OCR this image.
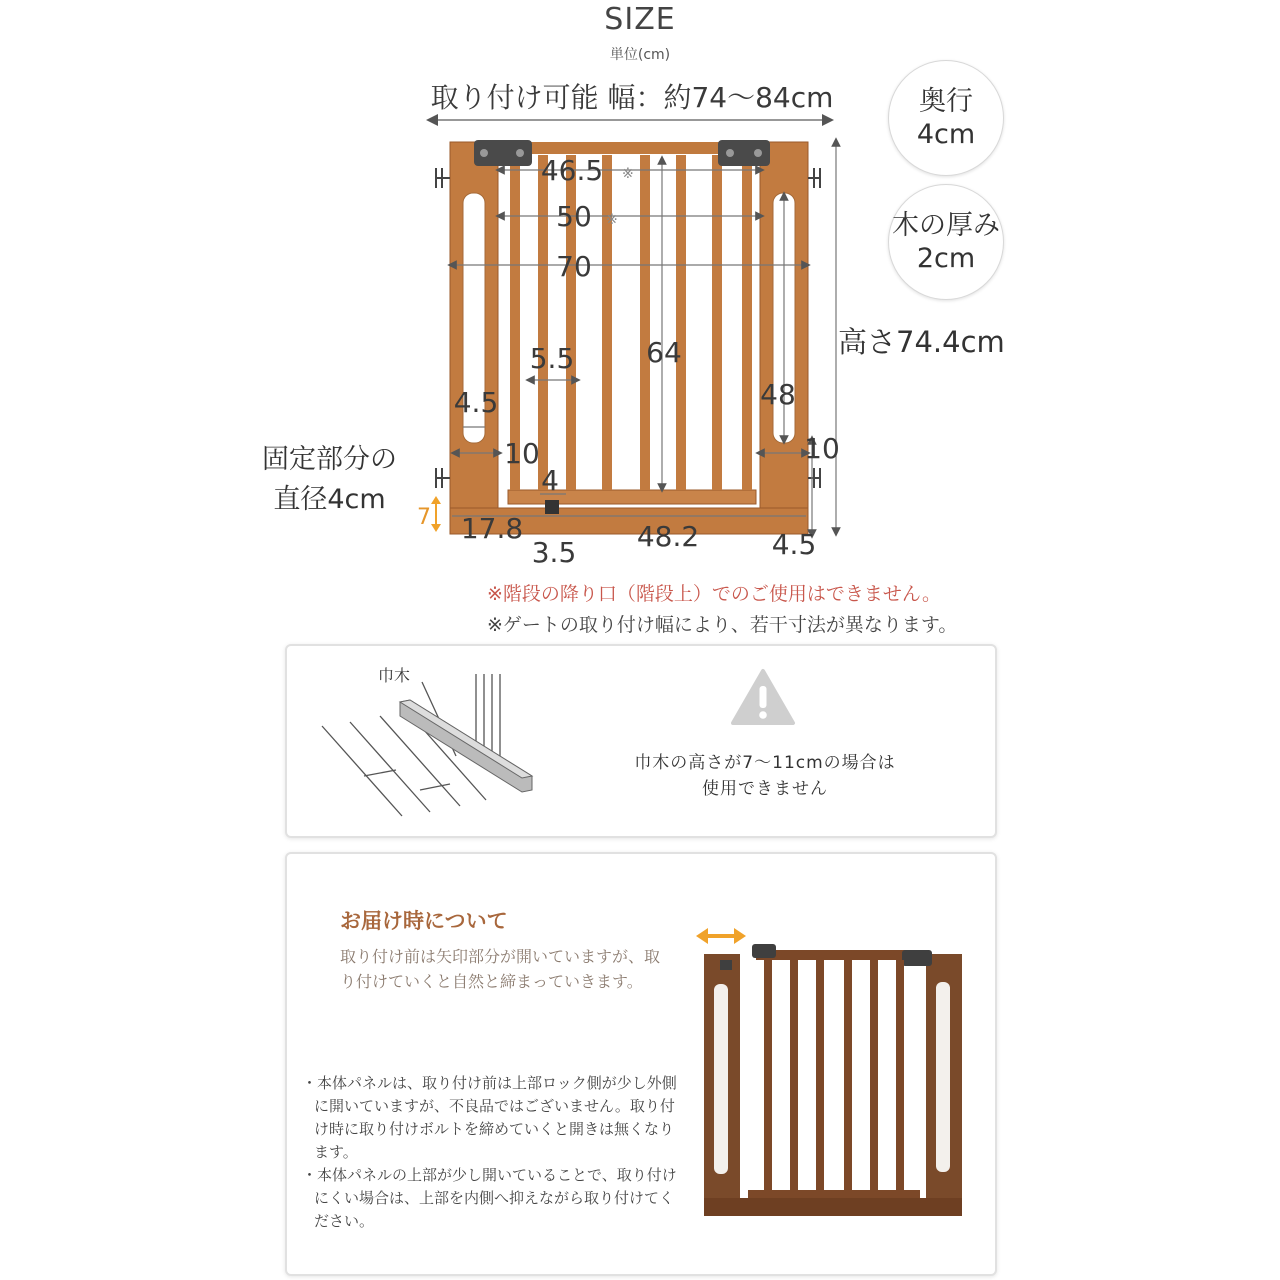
SIZE
単位(cm)
取り付け可能 幅：約74～84cm
46.5 ※
50 ※
70
5.5	64
48
4.5
10
4
10
7 17.8
3.5 48.2	4.5
奥行
4cm
木の厚み
2cm
高さ74.4cm
固定部分の
直径4cm
※階段の降り口（階段上）でのご使用はできません。
※ゲートの取り付け幅により、若干寸法が異なります。
巾木
巾木の高さが7～11cmの場合は
使用できません
お届け時について
取り付け前は矢印部分が開いていますが、取り付けていくと自然と締まっていきます。

・本体パネルは、取り付け前は上部ロック側が少し外側に開いていますが、不良品ではございません。取り付け時に取り付けボルトを締めていくと開きは無くなります。

・本体パネルの上部が少し開いていることで、取り付けにくい場合は、上部を内側へ抑えながら取り付けてください。
